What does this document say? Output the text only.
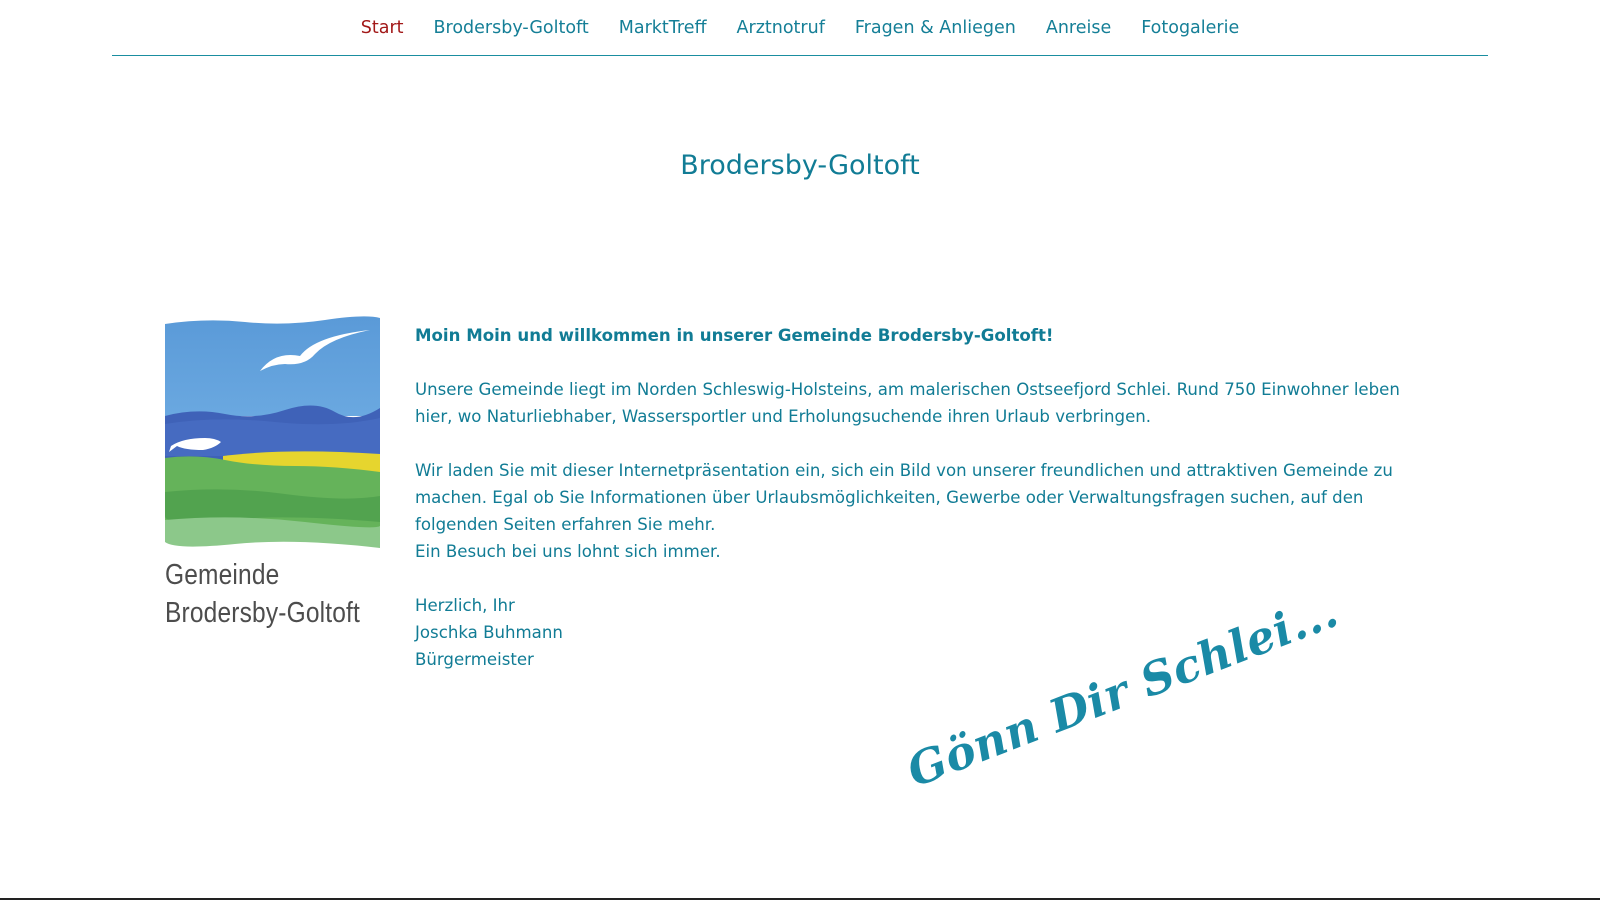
Start Brodersby-Goltoft MarktTreff Arztnotruf Fragen & Anliegen Anreise Fotogalerie
Brodersby-Goltoft
Gemeinde
Brodersby-Goltoft

Moin Moin und willkommen in unserer Gemeinde Brodersby-Goltoft!

Unsere Gemeinde liegt im Norden Schleswig-Holsteins, am malerischen Ostseefjord Schlei. Rund 750 Einwohner leben hier, wo Naturliebhaber, Wassersportler und Erholungsuchende ihren Urlaub verbringen.

Wir laden Sie mit dieser Internetpräsentation ein, sich ein Bild von unserer freundlichen und attraktiven Gemeinde zu machen. Egal ob Sie Informationen über Urlaubsmöglichkeiten, Gewerbe oder Verwaltungsfragen suchen, auf den folgenden Seiten erfahren Sie mehr.

Ein Besuch bei uns lohnt sich immer.

Herzlich, Ihr

Joschka Buhmann

Bürgermeister	Gönn Dir Schlei...
